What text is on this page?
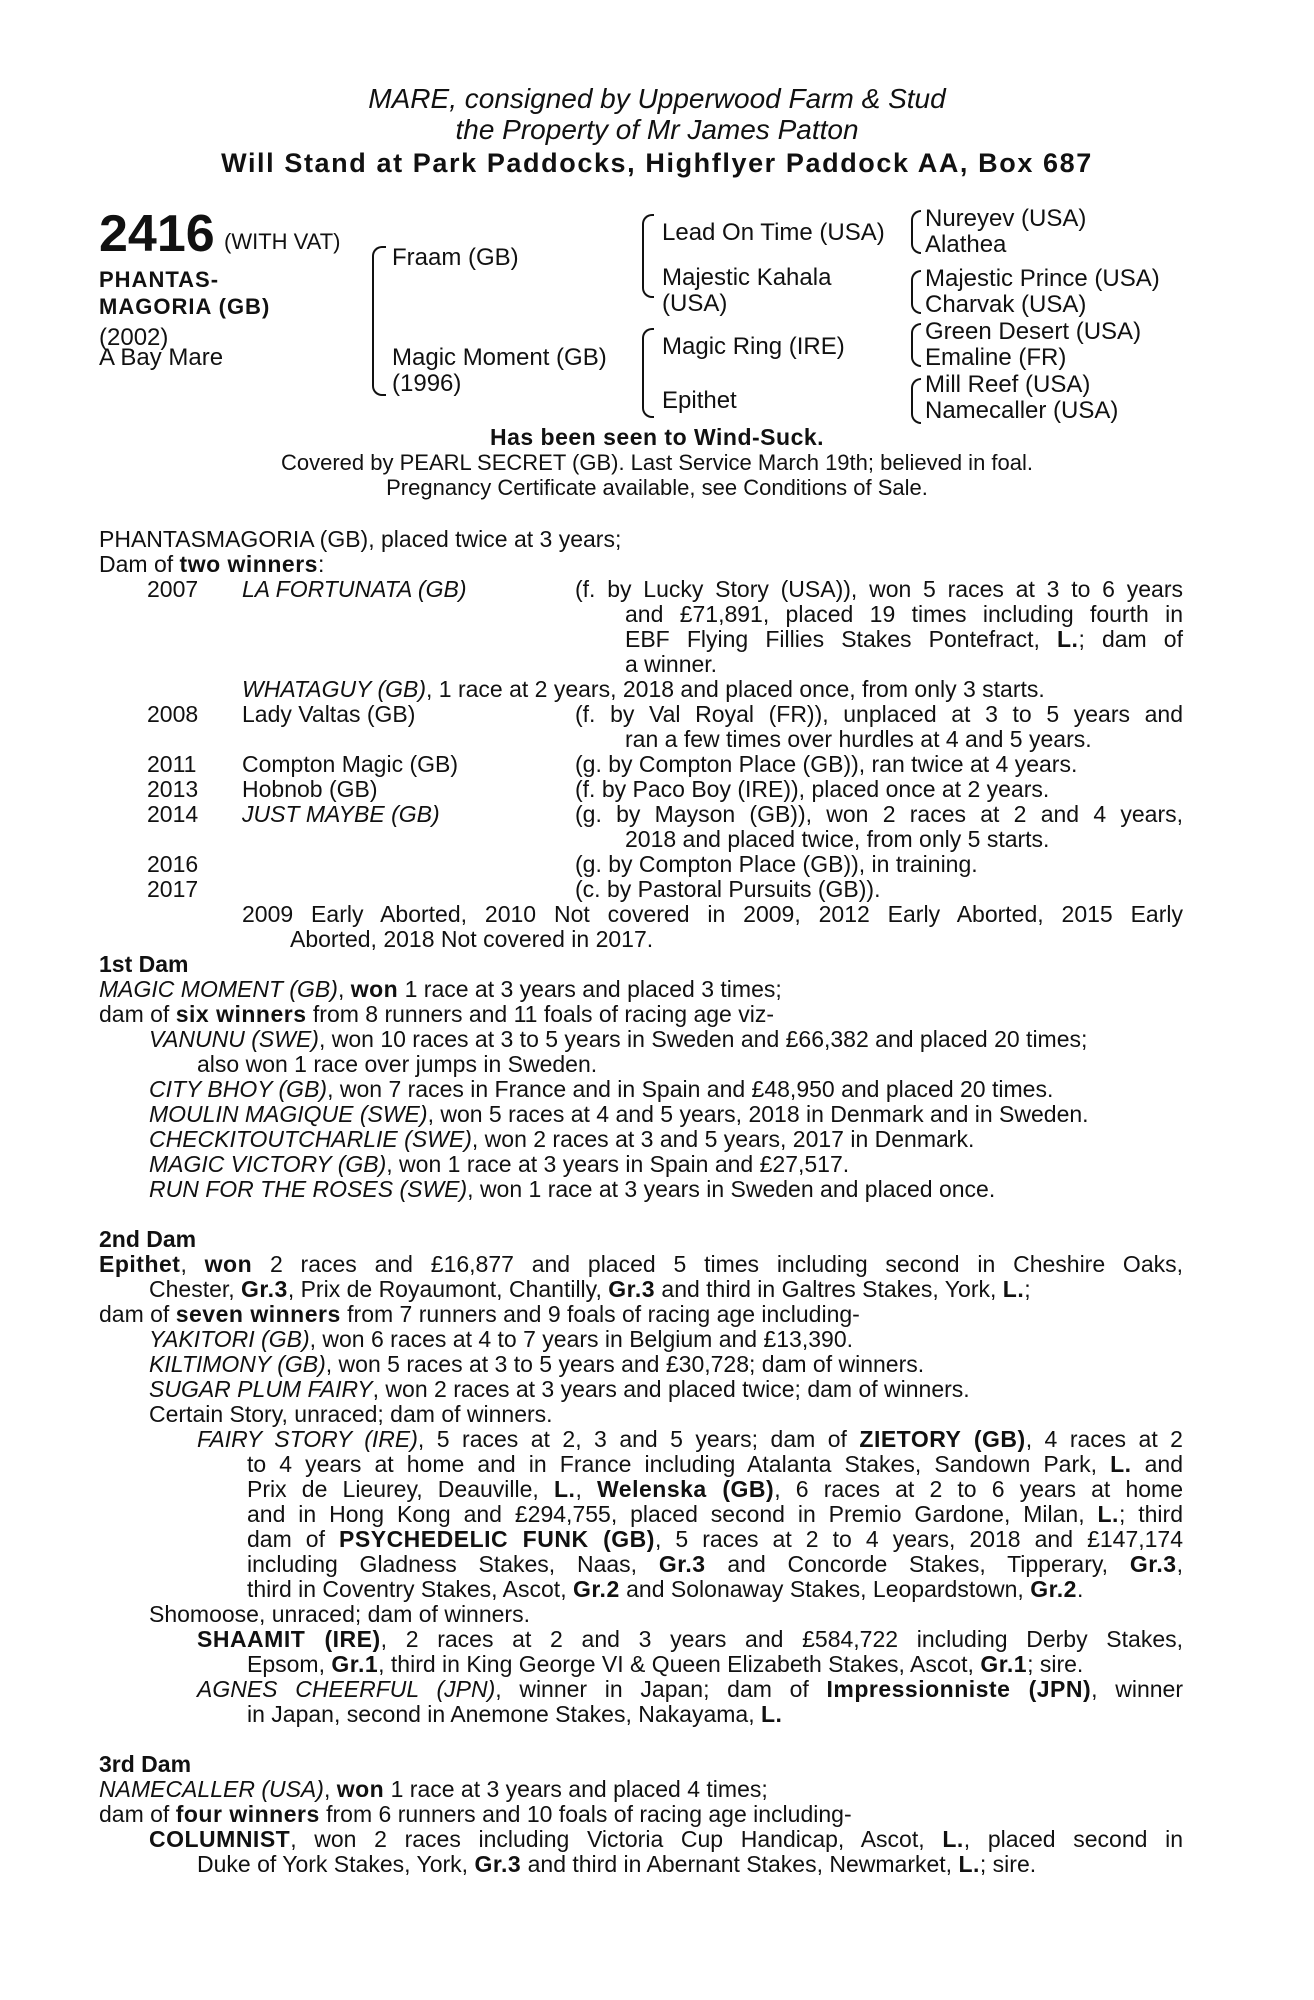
MARE, consigned by Upperwood Farm & Stud
the Property of Mr James Patton
Will Stand at Park Paddocks, Highflyer Paddock AA, Box 687
2416 (WITH VAT)
PHANTAS-
MAGORIA (GB)
(2002)
A Bay Mare
Fraam (GB)
Magic Moment (GB)
(1996)
Lead On Time (USA)
Majestic Kahala
(USA)
Magic Ring (IRE)
Epithet
Nureyev (USA)
Alathea
Majestic Prince (USA)
Charvak (USA)
Green Desert (USA)
Emaline (FR)
Mill Reef (USA)
Namecaller (USA)
Has been seen to Wind-Suck.
Covered by PEARL SECRET (GB). Last Service March 19th; believed in foal.
Pregnancy Certificate available, see Conditions of Sale.
PHANTASMAGORIA (GB), placed twice at 3 years;
Dam of two winners:
2007 LA FORTUNATA (GB)	(f. by Lucky Story (USA)), won 5 races at 3 to 6 years
and £71,891, placed 19 times including fourth in
EBF Flying Fillies Stakes Pontefract, L.; dam of
a winner.
WHATAGUY (GB), 1 race at 2 years, 2018 and placed once, from only 3 starts.
2008 Lady Valtas (GB)	(f. by Val Royal (FR)), unplaced at 3 to 5 years and
ran a few times over hurdles at 4 and 5 years.
2011 Compton Magic (GB)	(g. by Compton Place (GB)), ran twice at 4 years.
2013 Hobnob (GB)	(f. by Paco Boy (IRE)), placed once at 2 years.
2014 JUST MAYBE (GB)	(g. by Mayson (GB)), won 2 races at 2 and 4 years,
2018 and placed twice, from only 5 starts.
2016	(g. by Compton Place (GB)), in training.
2017	(c. by Pastoral Pursuits (GB)).
2009 Early Aborted, 2010 Not covered in 2009, 2012 Early Aborted, 2015 Early
Aborted, 2018 Not covered in 2017.
1st Dam
MAGIC MOMENT (GB), won 1 race at 3 years and placed 3 times;
dam of six winners from 8 runners and 11 foals of racing age viz-
VANUNU (SWE), won 10 races at 3 to 5 years in Sweden and £66,382 and placed 20 times;
also won 1 race over jumps in Sweden.
CITY BHOY (GB), won 7 races in France and in Spain and £48,950 and placed 20 times.
MOULIN MAGIQUE (SWE), won 5 races at 4 and 5 years, 2018 in Denmark and in Sweden.
CHECKITOUTCHARLIE (SWE), won 2 races at 3 and 5 years, 2017 in Denmark.
MAGIC VICTORY (GB), won 1 race at 3 years in Spain and £27,517.
RUN FOR THE ROSES (SWE), won 1 race at 3 years in Sweden and placed once.
2nd Dam
Epithet, won 2 races and £16,877 and placed 5 times including second in Cheshire Oaks,
Chester, Gr.3, Prix de Royaumont, Chantilly, Gr.3 and third in Galtres Stakes, York, L.;
dam of seven winners from 7 runners and 9 foals of racing age including-
YAKITORI (GB), won 6 races at 4 to 7 years in Belgium and £13,390.
KILTIMONY (GB), won 5 races at 3 to 5 years and £30,728; dam of winners.
SUGAR PLUM FAIRY, won 2 races at 3 years and placed twice; dam of winners.
Certain Story, unraced; dam of winners.
FAIRY STORY (IRE), 5 races at 2, 3 and 5 years; dam of ZIETORY (GB), 4 races at 2
to 4 years at home and in France including Atalanta Stakes, Sandown Park, L. and
Prix de Lieurey, Deauville, L., Welenska (GB), 6 races at 2 to 6 years at home
and in Hong Kong and £294,755, placed second in Premio Gardone, Milan, L.; third
dam of PSYCHEDELIC FUNK (GB), 5 races at 2 to 4 years, 2018 and £147,174
including Gladness Stakes, Naas, Gr.3 and Concorde Stakes, Tipperary, Gr.3,
third in Coventry Stakes, Ascot, Gr.2 and Solonaway Stakes, Leopardstown, Gr.2.
Shomoose, unraced; dam of winners.
SHAAMIT (IRE), 2 races at 2 and 3 years and £584,722 including Derby Stakes,
Epsom, Gr.1, third in King George VI & Queen Elizabeth Stakes, Ascot, Gr.1; sire.
AGNES CHEERFUL (JPN), winner in Japan; dam of Impressionniste (JPN), winner
in Japan, second in Anemone Stakes, Nakayama, L.
3rd Dam
NAMECALLER (USA), won 1 race at 3 years and placed 4 times;
dam of four winners from 6 runners and 10 foals of racing age including-
COLUMNIST, won 2 races including Victoria Cup Handicap, Ascot, L., placed second in
Duke of York Stakes, York, Gr.3 and third in Abernant Stakes, Newmarket, L.; sire.
